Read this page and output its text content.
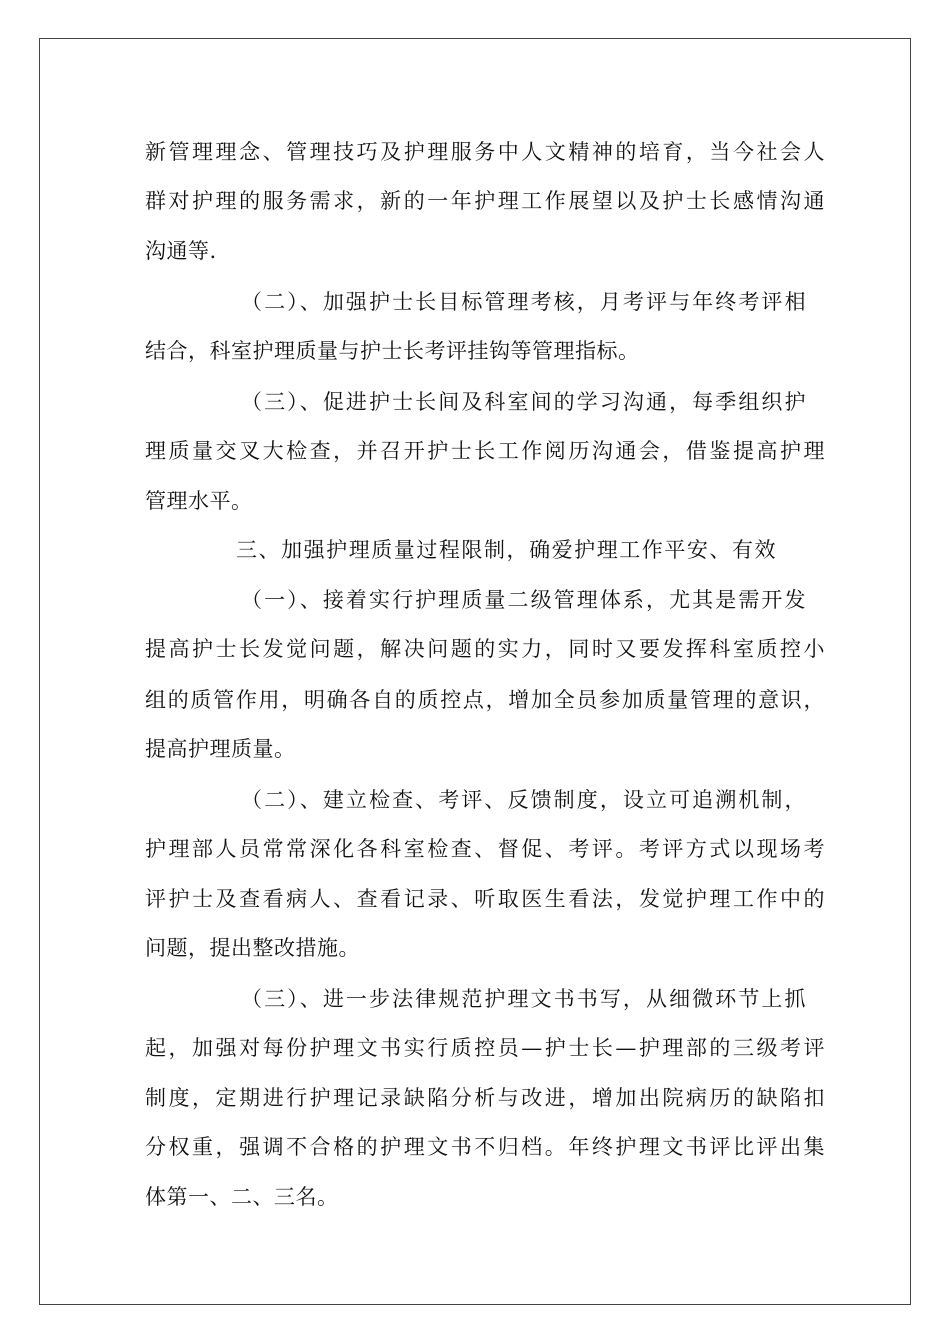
新管理理念、管理技巧及护理服务中人文精神的培育，当今社会人
群对护理的服务需求，新的一年护理工作展望以及护士长感情沟通
沟通等.
（二）、加强护士长目标管理考核，月考评与年终考评相
结合，科室护理质量与护士长考评挂钩等管理指标。
（三）、促进护士长间及科室间的学习沟通，每季组织护
理质量交叉大检查，并召开护士长工作阅历沟通会，借鉴提高护理
管理水平。
三、加强护理质量过程限制，确爱护理工作平安、有效
（一）、接着实行护理质量二级管理体系，尤其是需开发
提高护士长发觉问题，解决问题的实力，同时又要发挥科室质控小
组的质管作用，明确各自的质控点，增加全员参加质量管理的意识，
提高护理质量。
（二）、建立检查、考评、反馈制度，设立可追溯机制，
护理部人员常常深化各科室检查、督促、考评。考评方式以现场考
评护士及查看病人、查看记录、听取医生看法，发觉护理工作中的
问题，提出整改措施。
（三）、进一步法律规范护理文书书写，从细微环节上抓
起，加强对每份护理文书实行质控员—护士长—护理部的三级考评
制度，定期进行护理记录缺陷分析与改进，增加出院病历的缺陷扣
分权重，强调不合格的护理文书不归档。年终护理文书评比评出集
体第一、二、三名。
